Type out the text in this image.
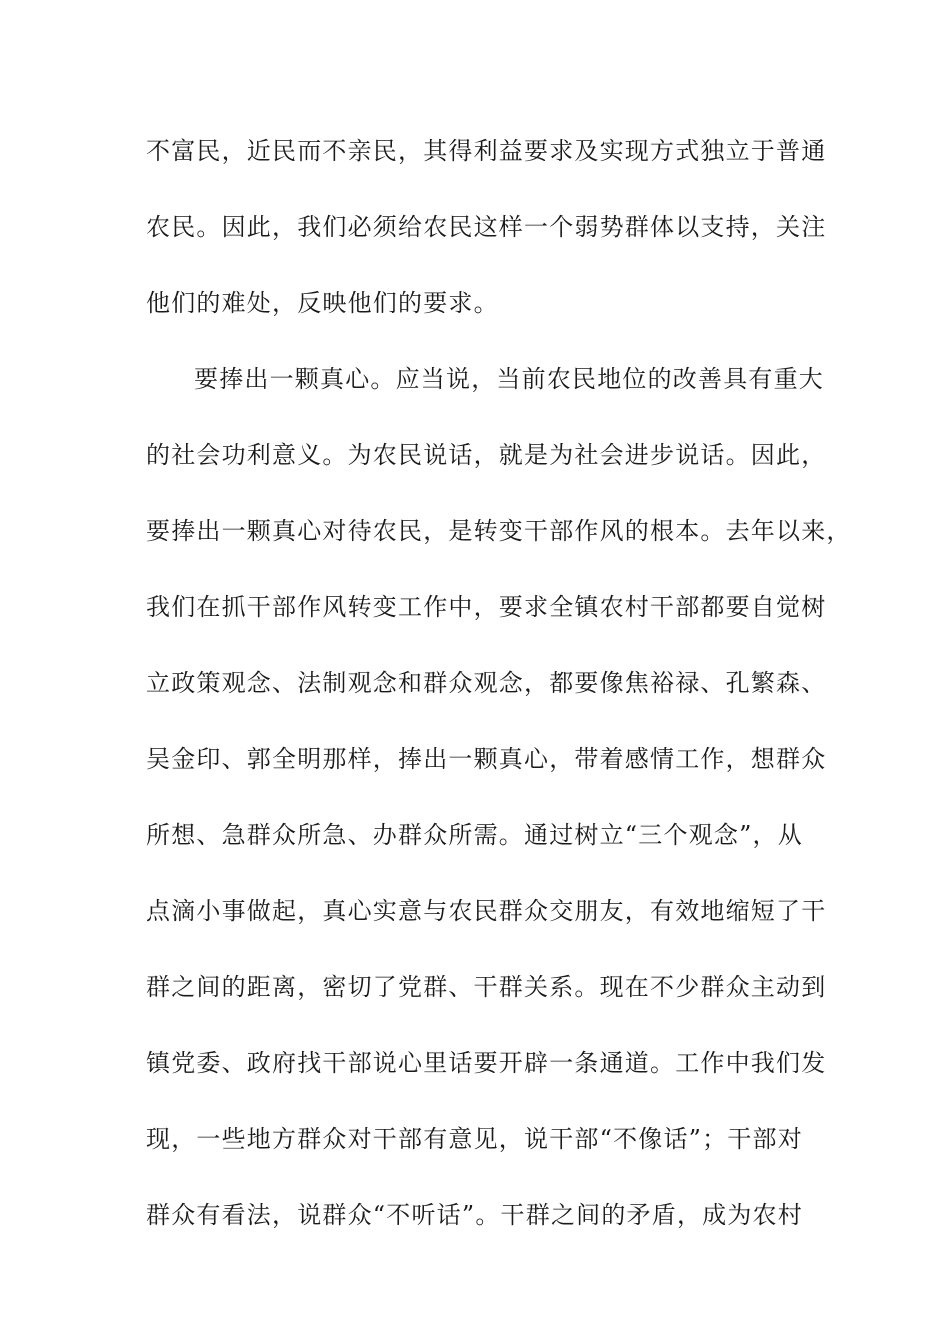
不富民，近民而不亲民，其得利益要求及实现方式独立于普通
农民。因此，我们必须给农民这样一个弱势群体以支持，关注
他们的难处，反映他们的要求。
要捧出一颗真心。应当说，当前农民地位的改善具有重大
的社会功利意义。为农民说话，就是为社会进步说话。因此，
要捧出一颗真心对待农民，是转变干部作风的根本。去年以来，
我们在抓干部作风转变工作中，要求全镇农村干部都要自觉树
立政策观念、法制观念和群众观念，都要像焦裕禄、孔繁森、
吴金印、郭全明那样，捧出一颗真心，带着感情工作，想群众
所想、急群众所急、办群众所需。通过树立“三个观念”，从
点滴小事做起，真心实意与农民群众交朋友，有效地缩短了干
群之间的距离，密切了党群、干群关系。现在不少群众主动到
镇党委、政府找干部说心里话要开辟一条通道。工作中我们发
现，一些地方群众对干部有意见，说干部“不像话”；干部对
群众有看法，说群众“不听话”。干群之间的矛盾，成为农村
